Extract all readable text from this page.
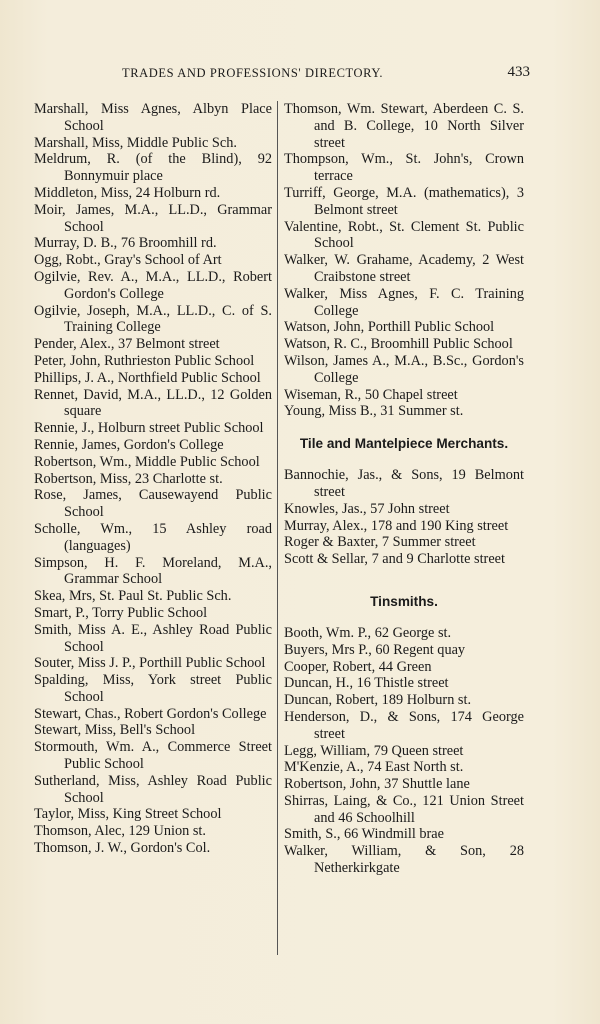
TRADES AND PROFESSIONS' DIRECTORY.	433

Marshall, Miss Agnes, Albyn Place School

Marshall, Miss, Middle Public Sch.

Meldrum, R. (of the Blind), 92 Bonnymuir place

Middleton, Miss, 24 Holburn rd.

Moir, James, M.A., LL.D., Grammar School

Murray, D. B., 76 Broomhill rd.

Ogg, Robt., Gray's School of Art

Ogilvie, Rev. A., M.A., LL.D., Robert Gordon's College

Ogilvie, Joseph, M.A., LL.D., C. of S. Training College

Pender, Alex., 37 Belmont street

Peter, John, Ruthrieston Public School

Phillips, J. A., Northfield Public School

Rennet, David, M.A., LL.D., 12 Golden square

Rennie, J., Holburn street Public School

Rennie, James, Gordon's College

Robertson, Wm., Middle Public School

Robertson, Miss, 23 Charlotte st.

Rose, James, Causewayend Public School

Scholle, Wm., 15 Ashley road (languages)

Simpson, H. F. Moreland, M.A., Grammar School

Skea, Mrs, St. Paul St. Public Sch.

Smart, P., Torry Public School

Smith, Miss A. E., Ashley Road Public School

Souter, Miss J. P., Porthill Public School

Spalding, Miss, York street Public School

Stewart, Chas., Robert Gordon's College

Stewart, Miss, Bell's School

Stormouth, Wm. A., Commerce Street Public School

Sutherland, Miss, Ashley Road Public School

Taylor, Miss, King Street School

Thomson, Alec, 129 Union st.

Thomson, J. W., Gordon's Col.

Thomson, Wm. Stewart, Aberdeen C. S. and B. College, 10 North Silver street

Thompson, Wm., St. John's, Crown terrace

Turriff, George, M.A. (mathematics), 3 Belmont street

Valentine, Robt., St. Clement St. Public School

Walker, W. Grahame, Academy, 2 West Craibstone street

Walker, Miss Agnes, F. C. Training College

Watson, John, Porthill Public School

Watson, R. C., Broomhill Public School

Wilson, James A., M.A., B.Sc., Gordon's College

Wiseman, R., 50 Chapel street

Young, Miss B., 31 Summer st.

Tile and Mantelpiece Merchants.

Bannochie, Jas., & Sons, 19 Belmont street

Knowles, Jas., 57 John street

Murray, Alex., 178 and 190 King street

Roger & Baxter, 7 Summer street

Scott & Sellar, 7 and 9 Charlotte street

Tinsmiths.

Booth, Wm. P., 62 George st.

Buyers, Mrs P., 60 Regent quay

Cooper, Robert, 44 Green

Duncan, H., 16 Thistle street

Duncan, Robert, 189 Holburn st.

Henderson, D., & Sons, 174 George street

Legg, William, 79 Queen street

M'Kenzie, A., 74 East North st.

Robertson, John, 37 Shuttle lane

Shirras, Laing, & Co., 121 Union Street and 46 Schoolhill

Smith, S., 66 Windmill brae

Walker, William, & Son, 28 Netherkirkgate
